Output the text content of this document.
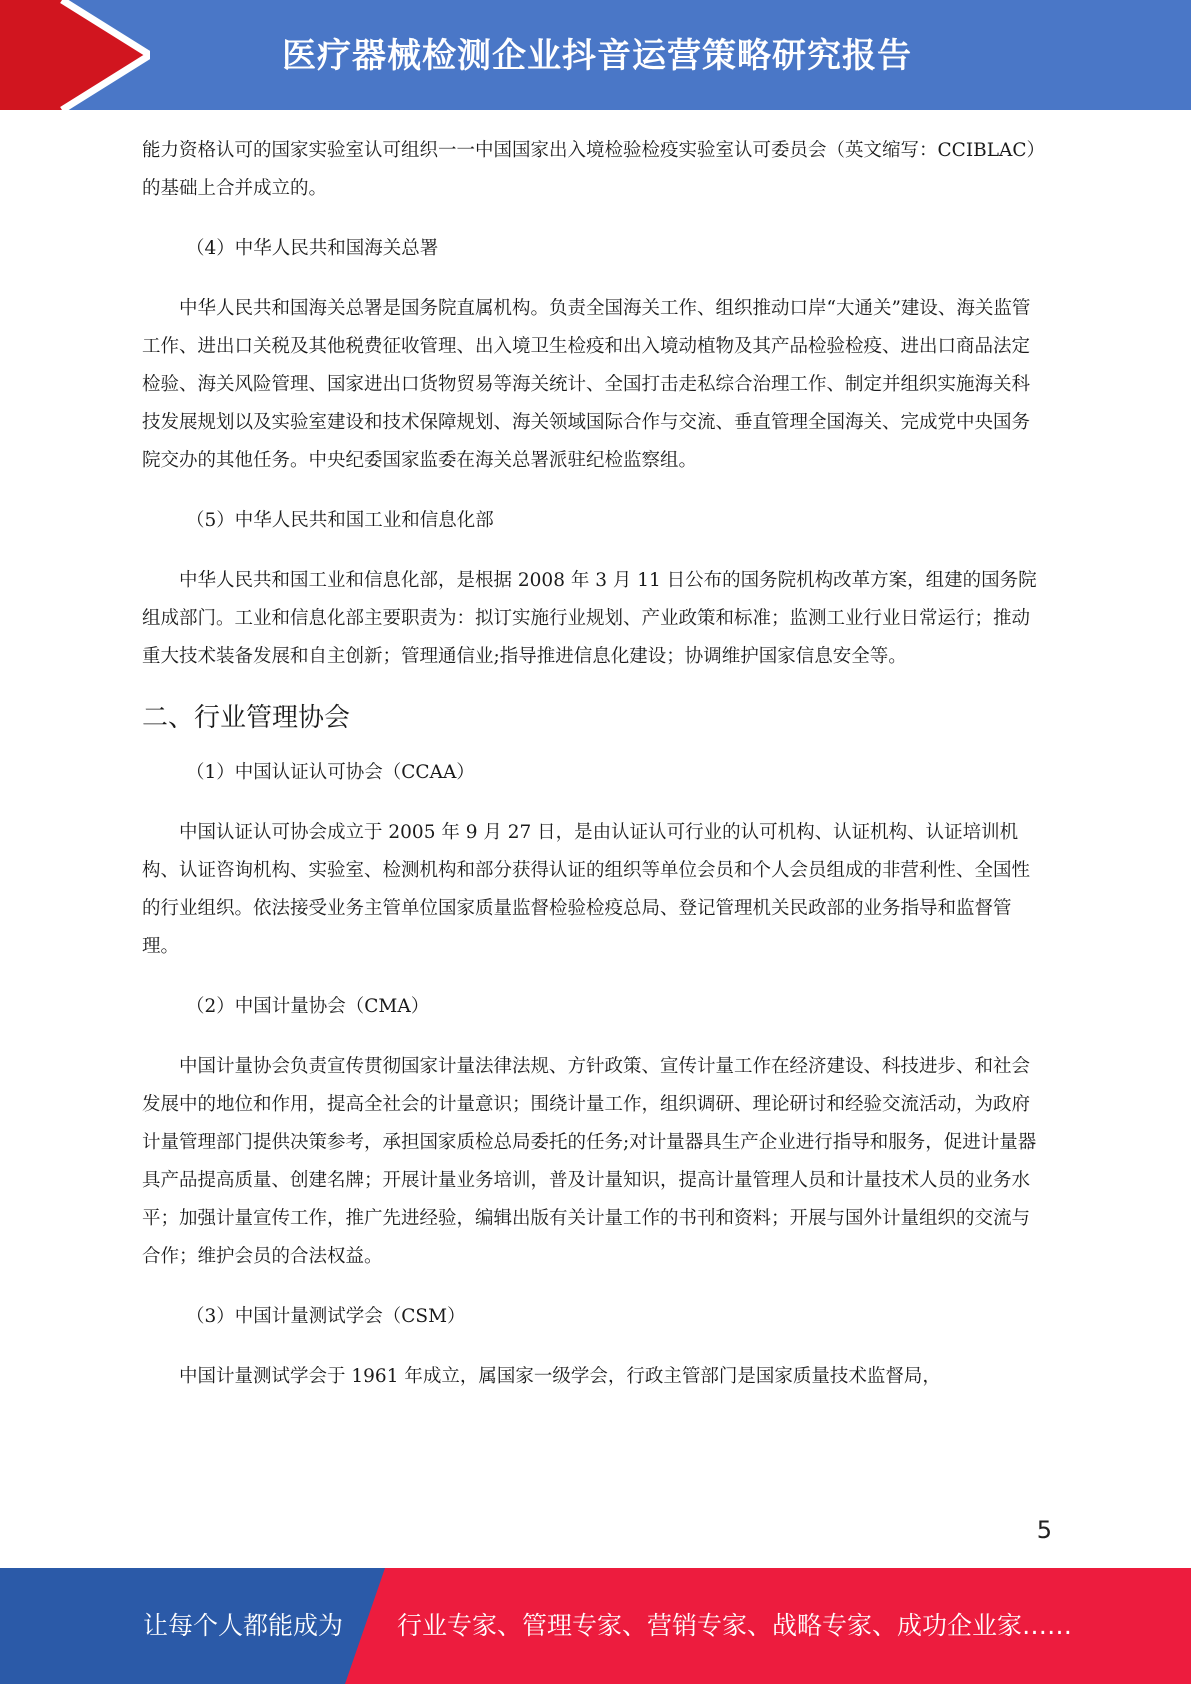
医疗器械检测企业抖音运营策略研究报告

能力资格认可的国家实验室认可组织一一中国国家出入境检验检疫实验室认可委员会（英文缩写：CCIBLAC）的基础上合并成立的。

（4）中华人民共和国海关总署

中华人民共和国海关总署是国务院直属机构。负责全国海关工作、组织推动口岸“大通关”建设、海关监管工作、进出口关税及其他税费征收管理、出入境卫生检疫和出入境动植物及其产品检验检疫、进出口商品法定检验、海关风险管理、国家进出口货物贸易等海关统计、全国打击走私综合治理工作、制定并组织实施海关科技发展规划以及实验室建设和技术保障规划、海关领域国际合作与交流、垂直管理全国海关、完成党中央国务院交办的其他任务。中央纪委国家监委在海关总署派驻纪检监察组。

（5）中华人民共和国工业和信息化部

中华人民共和国工业和信息化部，是根据 2008 年 3 月 11 日公布的国务院机构改革方案，组建的国务院组成部门。工业和信息化部主要职责为：拟订实施行业规划、产业政策和标准；监测工业行业日常运行；推动重大技术装备发展和自主创新；管理通信业;指导推进信息化建设；协调维护国家信息安全等。

二、行业管理协会

（1）中国认证认可协会（CCAA）

中国认证认可协会成立于 2005 年 9 月 27 日，是由认证认可行业的认可机构、认证机构、认证培训机构、认证咨询机构、实验室、检测机构和部分获得认证的组织等单位会员和个人会员组成的非营利性、全国性的行业组织。依法接受业务主管单位国家质量监督检验检疫总局、登记管理机关民政部的业务指导和监督管理。

（2）中国计量协会（CMA）

中国计量协会负责宣传贯彻国家计量法律法规、方针政策、宣传计量工作在经济建设、科技进步、和社会发展中的地位和作用，提高全社会的计量意识；围绕计量工作，组织调研、理论研讨和经验交流活动，为政府计量管理部门提供决策参考，承担国家质检总局委托的任务;对计量器具生产企业进行指导和服务，促进计量器具产品提高质量、创建名牌；开展计量业务培训，普及计量知识，提高计量管理人员和计量技术人员的业务水平；加强计量宣传工作，推广先进经验，编辑出版有关计量工作的书刊和资料；开展与国外计量组织的交流与合作；维护会员的合法权益。

（3）中国计量测试学会（CSM）

中国计量测试学会于 1961 年成立，属国家一级学会，行政主管部门是国家质量技术监督局，

5
让每个人都能成为 行业专家、管理专家、营销专家、战略专家、成功企业家……
